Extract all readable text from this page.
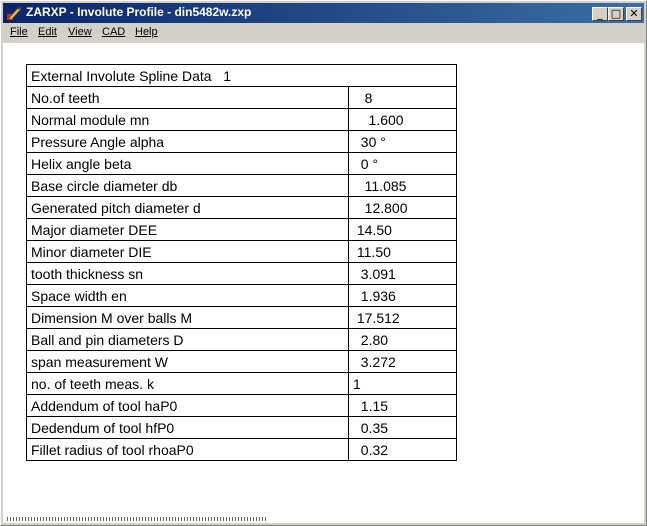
ZARXP - Involute Profile - din5482w.zxp	_ □ ✕
File Edit View CAD Help
External Involute Spline Data   1	
No.of teeth	8
Normal module mn	1.600
Pressure Angle alpha	30 °
Helix angle beta	0 °
Base circle diameter db	11.085
Generated pitch diameter d	12.800
Major diameter DEE	14.50
Minor diameter DIE	11.50
tooth thickness sn	3.091
Space width en	1.936
Dimension M over balls M	17.512
Ball and pin diameters D	2.80
span measurement W	3.272
no. of teeth meas. k	1
Addendum of tool haP0	1.15
Dedendum of tool hfP0	0.35
Fillet radius of tool rhoaP0	0.32
